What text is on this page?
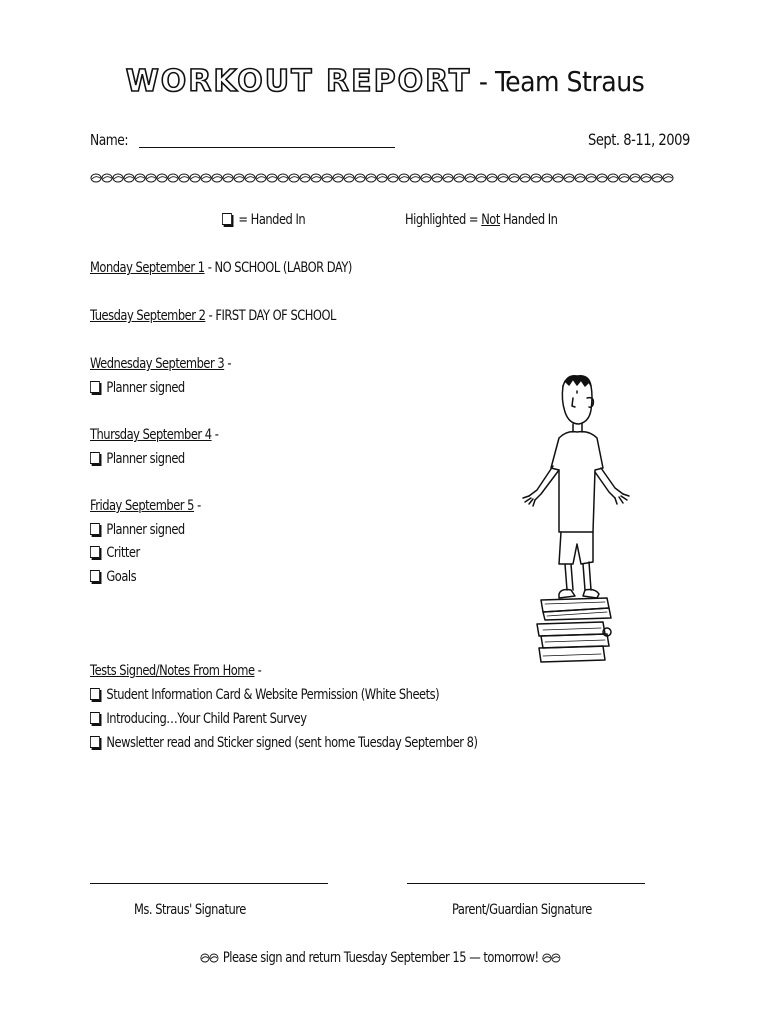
WORKOUT REPORT - Team Straus
Name:	Sept. 8-11, 2009
= Handed In	Highlighted = Not Handed In
Monday September 1 - NO SCHOOL (LABOR DAY)
Tuesday September 2 - FIRST DAY OF SCHOOL
Wednesday September 3 -
Planner signed
Thursday September 4 -
Planner signed
Friday September 5 -
Planner signed
Critter
Goals
Tests Signed/Notes From Home -
Student Information Card & Website Permission (White Sheets)
Introducing…Your Child Parent Survey
Newsletter read and Sticker signed (sent home Tuesday September 8)
Ms. Straus' Signature	Parent/Guardian Signature
Please sign and return Tuesday September 15 — tomorrow!
